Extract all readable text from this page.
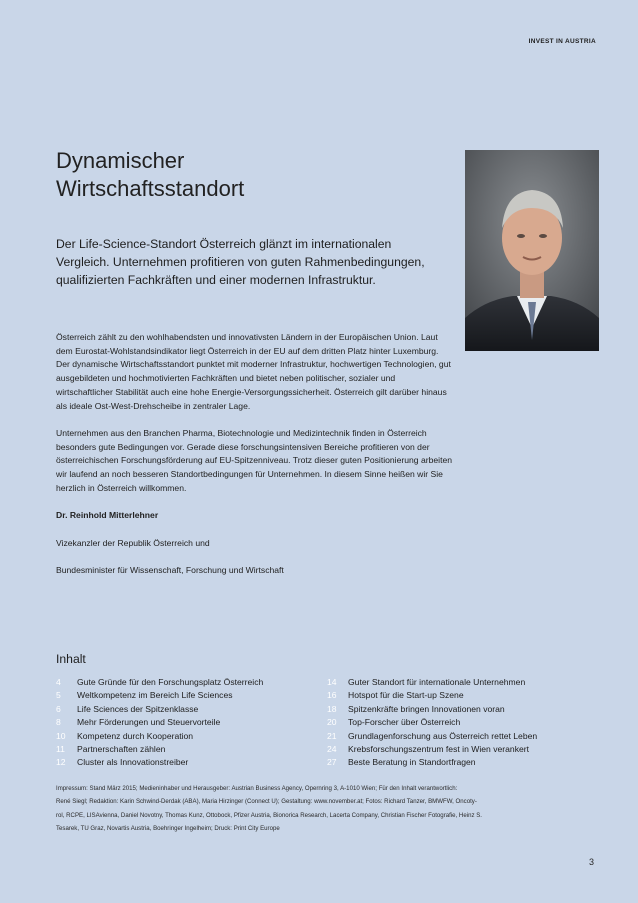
INVEST IN AUSTRIA
Dynamischer
Wirtschaftsstandort

Der Life-Science-Standort Österreich glänzt im internationalen Vergleich. Unternehmen profitieren von guten Rahmenbedingungen, qualifizierten Fachkräften und einer modernen Infrastruktur.

Österreich zählt zu den wohlhabendsten und innovativsten Ländern in der Europäischen Union. Laut dem Eurostat-Wohlstandsindikator liegt Österreich in der EU auf dem dritten Platz hinter Luxemburg. Der dynamische Wirtschaftsstandort punktet mit moderner Infrastruktur, hochwertigen Technologien, gut ausgebildeten und hochmotivierten Fachkräften und bietet neben politischer, sozialer und wirtschaftlicher Stabilität auch eine hohe Energie-Versorgungssicherheit. Österreich gilt darüber hinaus als ideale Ost-West-Drehscheibe in zentraler Lage.

Unternehmen aus den Branchen Pharma, Biotechnologie und Medizintechnik finden in Österreich besonders gute Bedingungen vor. Gerade diese forschungsintensiven Bereiche profitieren von der österreichischen Forschungsförderung auf EU-Spitzenniveau. Trotz dieser guten Positionierung arbeiten wir laufend an noch besseren Standortbedingungen für Unternehmen. In diesem Sinne heißen wir Sie herzlich in Österreich willkommen.

Dr. Reinhold Mitterlehner

Vizekanzler der Republik Österreich und

Bundesminister für Wissenschaft, Forschung und Wirtschaft

Inhalt
4 Gute Gründe für den Forschungsplatz Österreich
5 Weltkompetenz im Bereich Life Sciences
6 Life Sciences der Spitzenklasse
8 Mehr Förderungen und Steuervorteile
10 Kompetenz durch Kooperation
11 Partnerschaften zählen
12 Cluster als Innovationstreiber
14 Guter Standort für internationale Unternehmen
16 Hotspot für die Start-up Szene
18 Spitzenkräfte bringen Innovationen voran
20 Top-Forscher über Österreich
21 Grundlagenforschung aus Österreich rettet Leben
24 Krebsforschungszentrum fest in Wien verankert
27 Beste Beratung in Standortfragen

Impressum: Stand März 2015; Medieninhaber und Herausgeber: Austrian Business Agency, Opernring 3, A-1010 Wien; Für den Inhalt verantwortlich:

René Siegl; Redaktion: Karin Schwind-Derdak (ABA), Maria Hirzinger (Connect U); Gestaltung: www.november.at; Fotos: Richard Tanzer, BMWFW, Oncoty-

rol, RCPE, LISAvienna, Daniel Novotny, Thomas Kunz, Ottobock, Pfizer Austria, Bionorica Research, Lacerta Company, Christian Fischer Fotografie, Heinz S.

Tesarek, TU Graz, Novartis Austria, Boehringer Ingelheim; Druck: Print City Europe

3
